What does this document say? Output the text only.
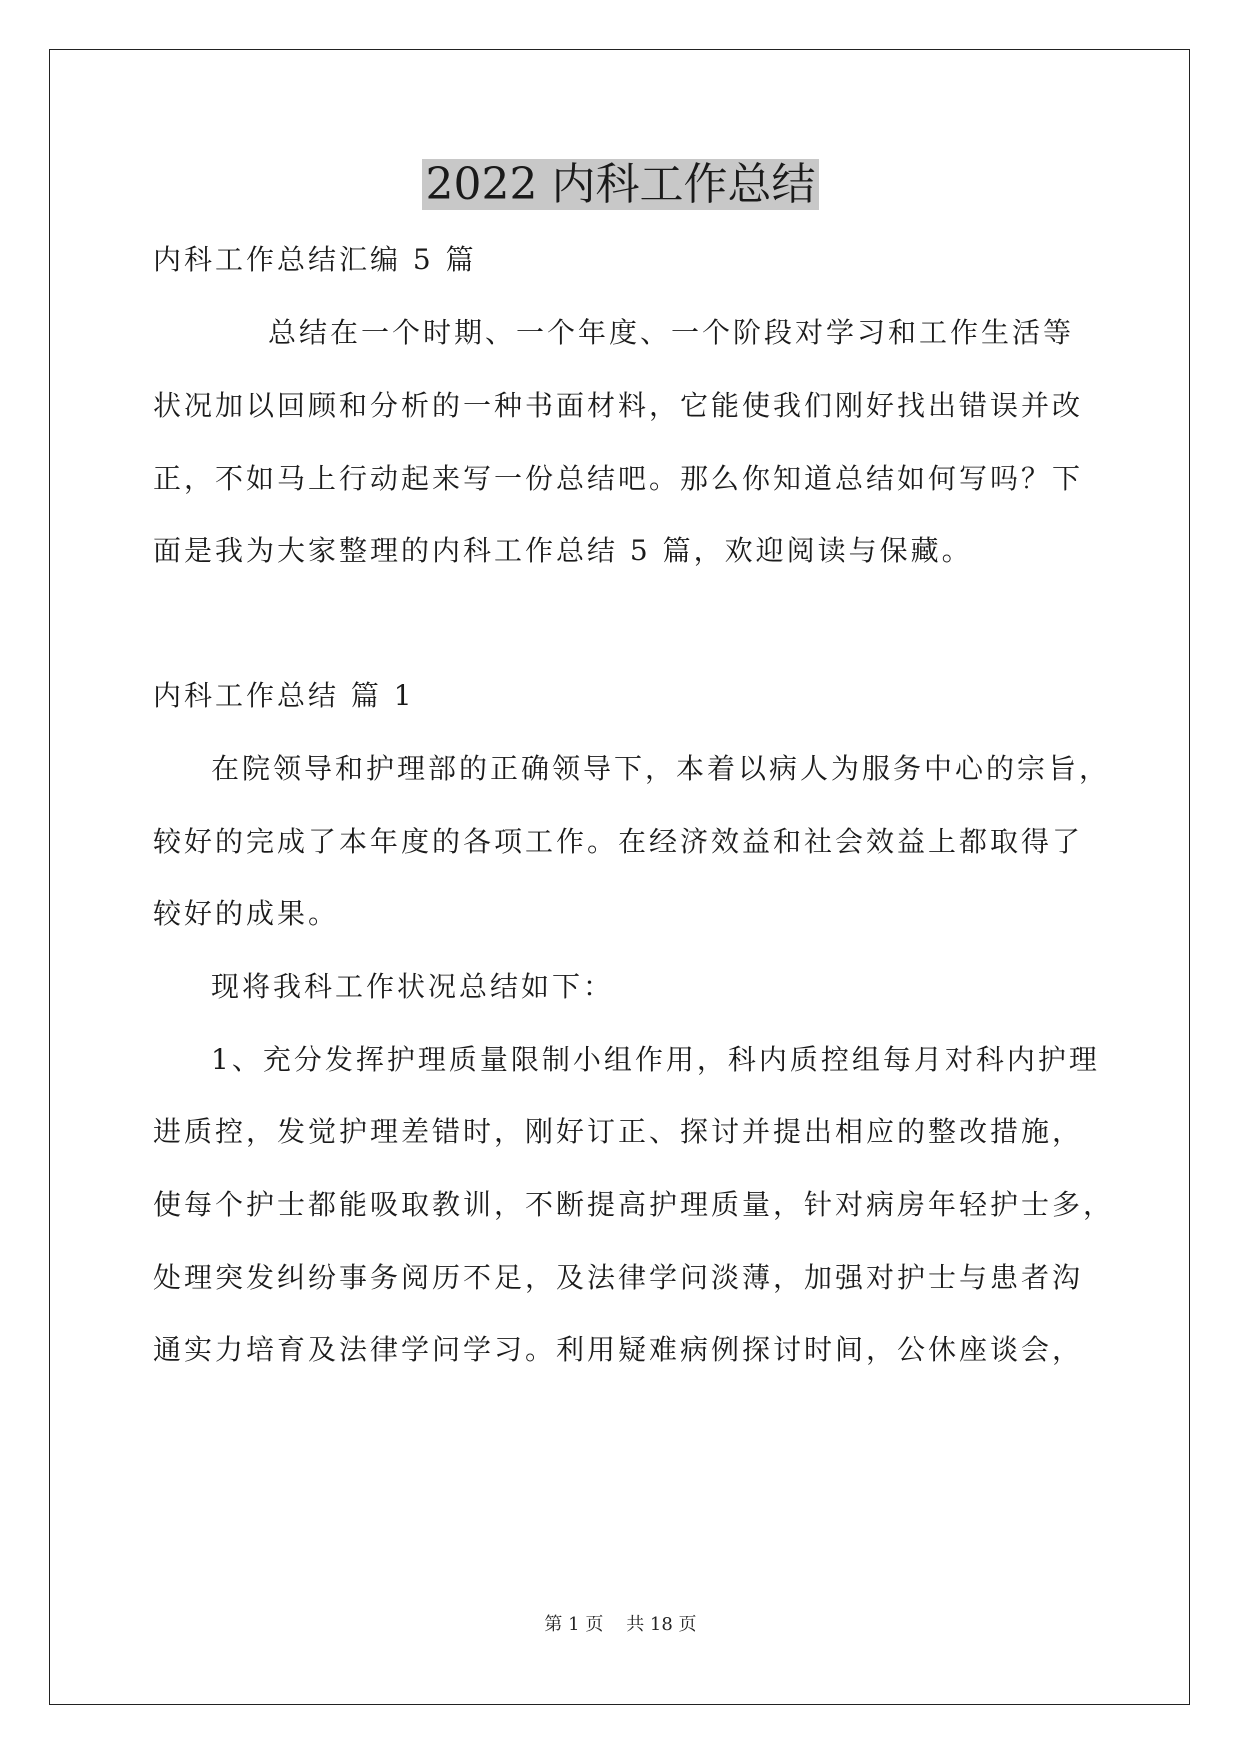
2022 内科工作总结

内科工作总结汇编 5 篇

总结在一个时期、一个年度、一个阶段对学习和工作生活等

状况加以回顾和分析的一种书面材料，它能使我们刚好找出错误并改

正，不如马上行动起来写一份总结吧。那么你知道总结如何写吗？下

面是我为大家整理的内科工作总结 5 篇，欢迎阅读与保藏。

内科工作总结 篇 1

在院领导和护理部的正确领导下，本着以病人为服务中心的宗旨，

较好的完成了本年度的各项工作。在经济效益和社会效益上都取得了

较好的成果。

现将我科工作状况总结如下：

1、充分发挥护理质量限制小组作用，科内质控组每月对科内护理

进质控，发觉护理差错时，刚好订正、探讨并提出相应的整改措施，

使每个护士都能吸取教训，不断提高护理质量，针对病房年轻护士多，

处理突发纠纷事务阅历不足，及法律学问淡薄，加强对护士与患者沟

通实力培育及法律学问学习。利用疑难病例探讨时间，公休座谈会，

第 1 页    共 18 页
